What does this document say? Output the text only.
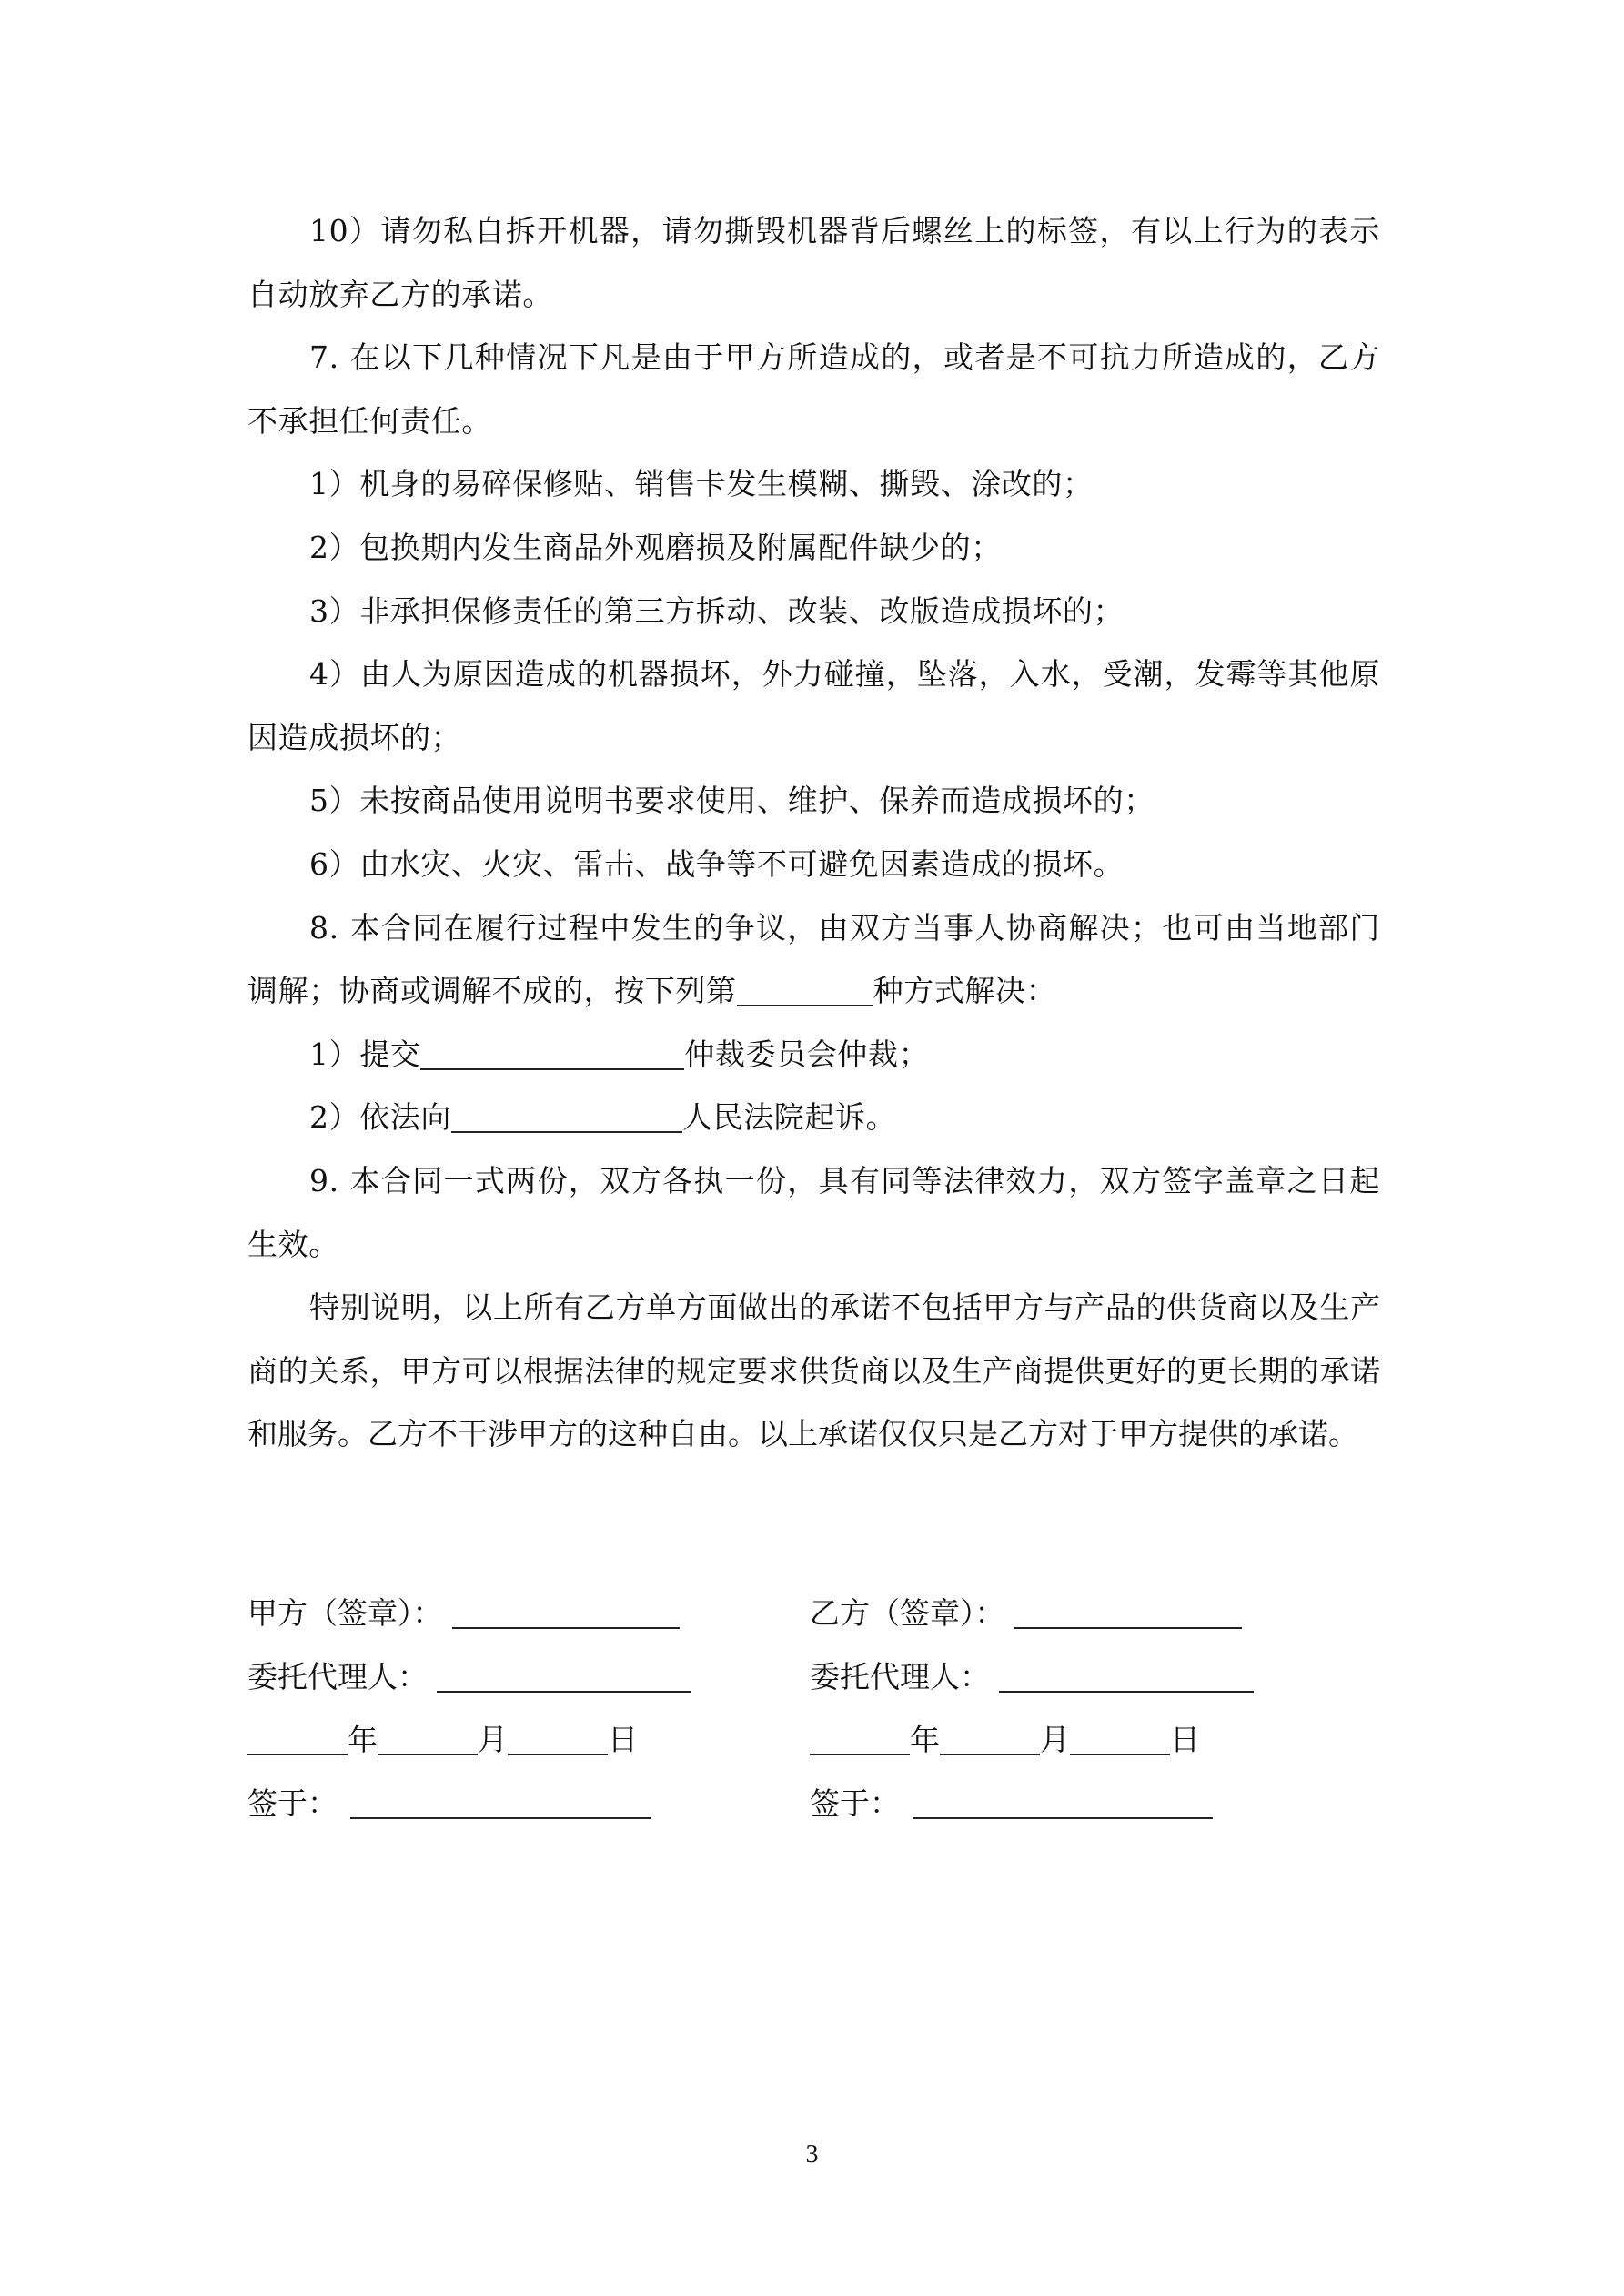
10）请勿私自拆开机器，请勿撕毁机器背后螺丝上的标签，有以上行为的表示自动放弃乙方的承诺。

7. 在以下几种情况下凡是由于甲方所造成的，或者是不可抗力所造成的，乙方不承担任何责任。

1）机身的易碎保修贴、销售卡发生模糊、撕毁、涂改的；

2）包换期内发生商品外观磨损及附属配件缺少的；

3）非承担保修责任的第三方拆动、改装、改版造成损坏的；

4）由人为原因造成的机器损坏，外力碰撞，坠落，入水，受潮，发霉等其他原因造成损坏的；

5）未按商品使用说明书要求使用、维护、保养而造成损坏的；

6）由水灾、火灾、雷击、战争等不可避免因素造成的损坏。

8. 本合同在履行过程中发生的争议，由双方当事人协商解决；也可由当地部门调解；协商或调解不成的，按下列第	种方式解决：

1）提交	仲裁委员会仲裁；

2）依法向	人民法院起诉。

9. 本合同一式两份，双方各执一份，具有同等法律效力，双方签字盖章之日起生效。

特别说明，以上所有乙方单方面做出的承诺不包括甲方与产品的供货商以及生产商的关系，甲方可以根据法律的规定要求供货商以及生产商提供更好的更长期的承诺和服务。乙方不干涉甲方的这种自由。以上承诺仅仅只是乙方对于甲方提供的承诺。

甲方（签章）：	乙方（签章）：
委托代理人：	委托代理人：
年	月	日	年	月	日
签于：	签于：
3
